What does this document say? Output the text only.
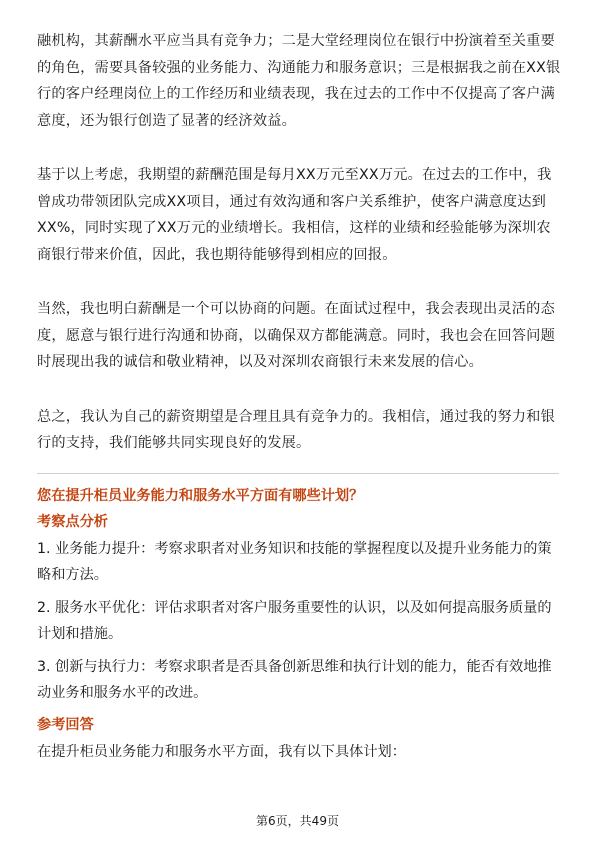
融机构，其薪酬水平应当具有竞争力；二是大堂经理岗位在银行中扮演着至关重要
的角色，需要具备较强的业务能力、沟通能力和服务意识；三是根据我之前在XX银
行的客户经理岗位上的工作经历和业绩表现，我在过去的工作中不仅提高了客户满
意度，还为银行创造了显著的经济效益。

基于以上考虑，我期望的薪酬范围是每月XX万元至XX万元。在过去的工作中，我
曾成功带领团队完成XX项目，通过有效沟通和客户关系维护，使客户满意度达到
XX%，同时实现了XX万元的业绩增长。我相信，这样的业绩和经验能够为深圳农
商银行带来价值，因此，我也期待能够得到相应的回报。

当然，我也明白薪酬是一个可以协商的问题。在面试过程中，我会表现出灵活的态
度，愿意与银行进行沟通和协商，以确保双方都能满意。同时，我也会在回答问题
时展现出我的诚信和敬业精神，以及对深圳农商银行未来发展的信心。

总之，我认为自己的薪资期望是合理且具有竞争力的。我相信，通过我的努力和银
行的支持，我们能够共同实现良好的发展。

您在提升柜员业务能力和服务水平方面有哪些计划？
考察点分析
1. 业务能力提升：考察求职者对业务知识和技能的掌握程度以及提升业务能力的策
略和方法。
2. 服务水平优化：评估求职者对客户服务重要性的认识，以及如何提高服务质量的
计划和措施。
3. 创新与执行力：考察求职者是否具备创新思维和执行计划的能力，能否有效地推
动业务和服务水平的改进。
参考回答

在提升柜员业务能力和服务水平方面，我有以下具体计划：

第6页，共49页
